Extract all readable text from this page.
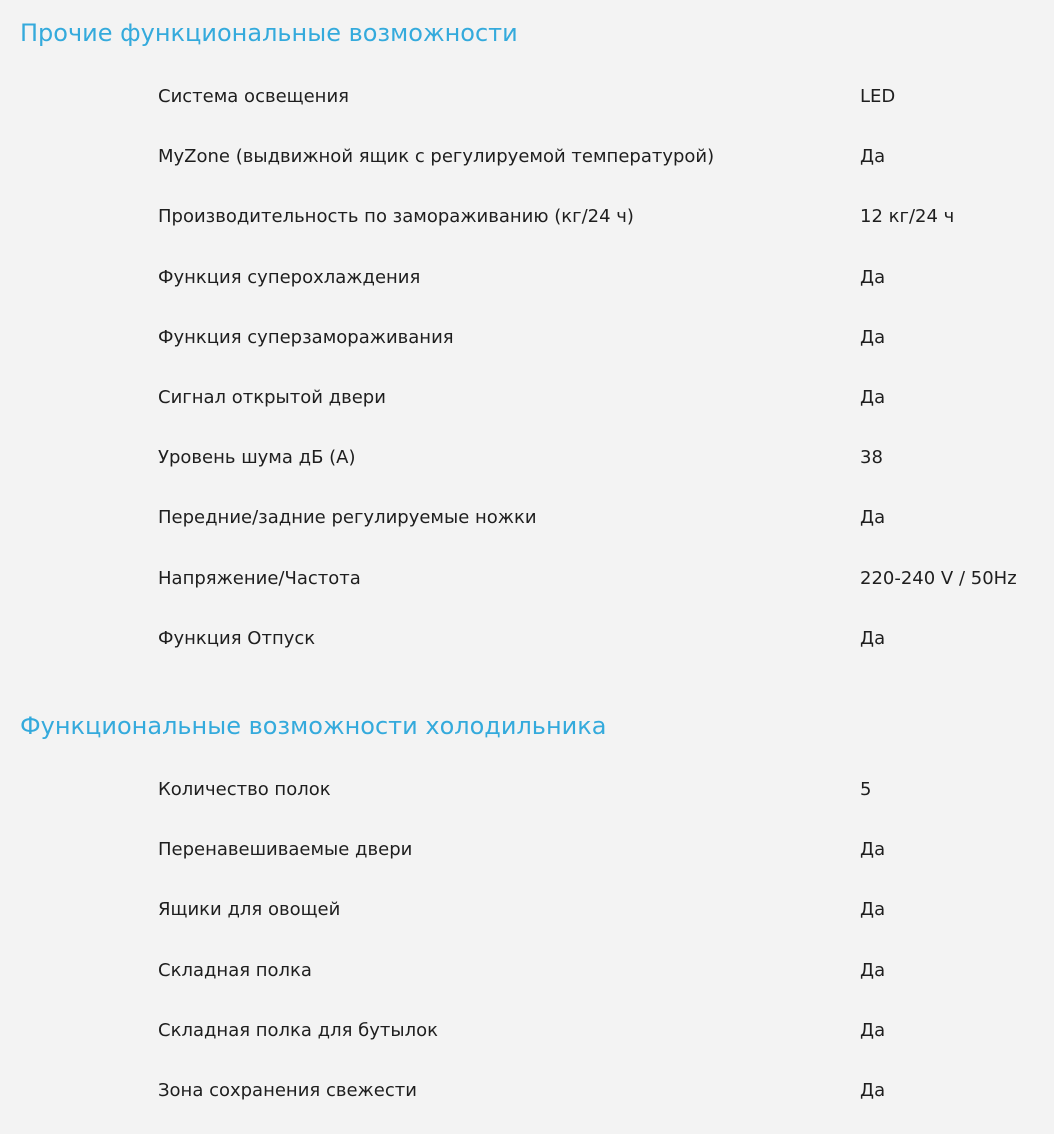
Прочие функциональные возможности
Система освещения	LED
MyZone (выдвижной ящик с регулируемой температурой)	Да
Производительность по замораживанию (кг/24 ч)	12 кг/24 ч
Функция суперохлаждения	Да
Функция суперзамораживания	Да
Сигнал открытой двери	Да
Уровень шума дБ (А)	38
Передние/задние регулируемые ножки	Да
Напряжение/Частота	220-240 V / 50Hz
Функция Отпуск	Да
Функциональные возможности холодильника
Количество полок	5
Перенавешиваемые двери	Да
Ящики для овощей	Да
Складная полка	Да
Складная полка для бутылок	Да
Зона сохранения свежести	Да
